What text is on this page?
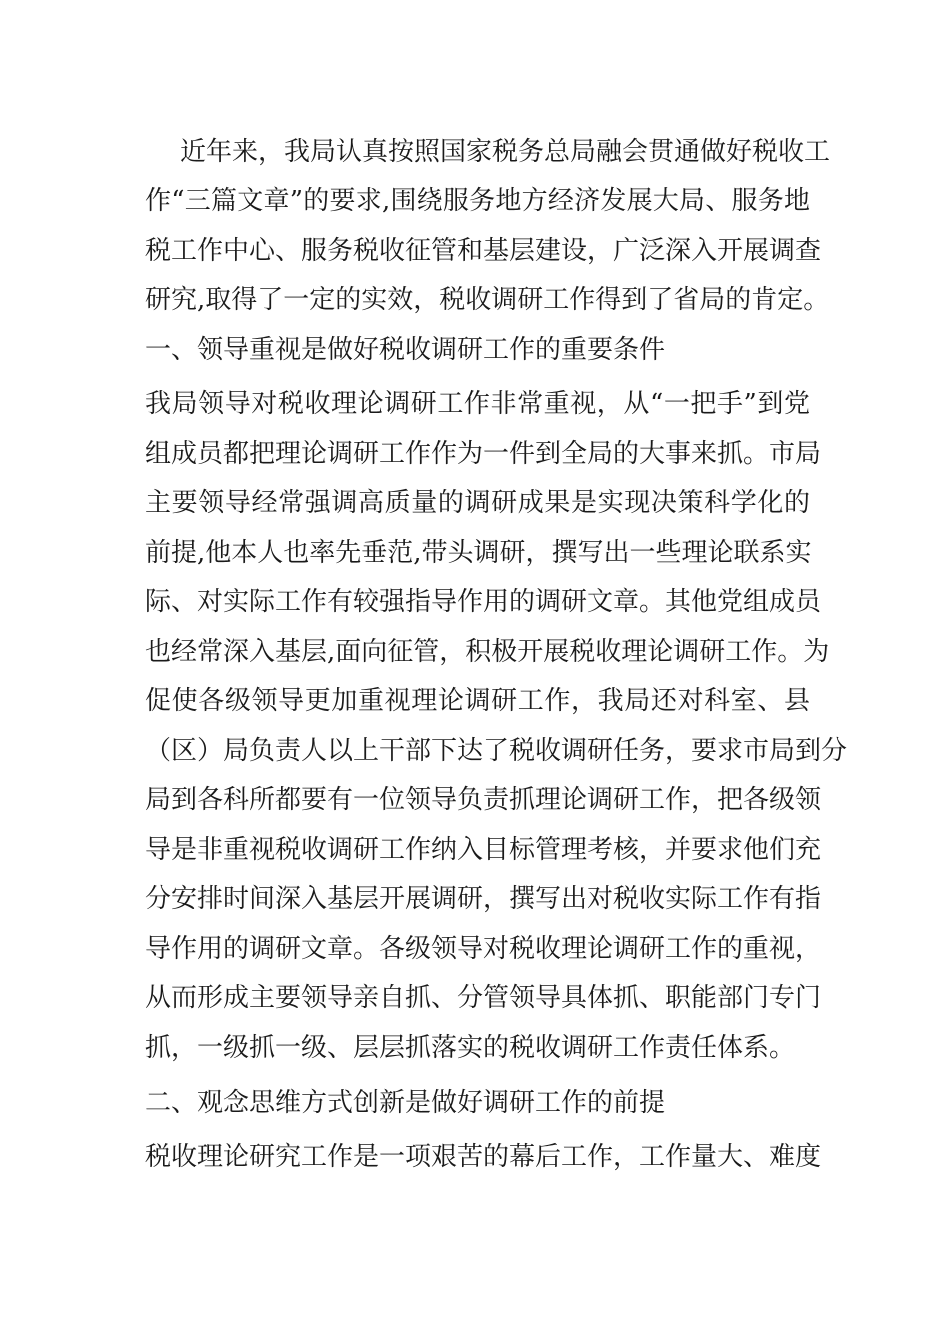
近年来，我局认真按照国家税务总局融会贯通做好税收工
作“三篇文章”的要求,围绕服务地方经济发展大局、服务地
税工作中心、服务税收征管和基层建设，广泛深入开展调查
研究,取得了一定的实效，税收调研工作得到了省局的肯定。
一、领导重视是做好税收调研工作的重要条件
我局领导对税收理论调研工作非常重视，从“一把手”到党
组成员都把理论调研工作作为一件到全局的大事来抓。市局
主要领导经常强调高质量的调研成果是实现决策科学化的
前提,他本人也率先垂范,带头调研，撰写出一些理论联系实
际、对实际工作有较强指导作用的调研文章。其他党组成员
也经常深入基层,面向征管，积极开展税收理论调研工作。为
促使各级领导更加重视理论调研工作，我局还对科室、县
（区）局负责人以上干部下达了税收调研任务，要求市局到分
局到各科所都要有一位领导负责抓理论调研工作，把各级领
导是非重视税收调研工作纳入目标管理考核，并要求他们充
分安排时间深入基层开展调研，撰写出对税收实际工作有指
导作用的调研文章。各级领导对税收理论调研工作的重视，
从而形成主要领导亲自抓、分管领导具体抓、职能部门专门
抓，一级抓一级、层层抓落实的税收调研工作责任体系。
二、观念思维方式创新是做好调研工作的前提
税收理论研究工作是一项艰苦的幕后工作，工作量大、难度
